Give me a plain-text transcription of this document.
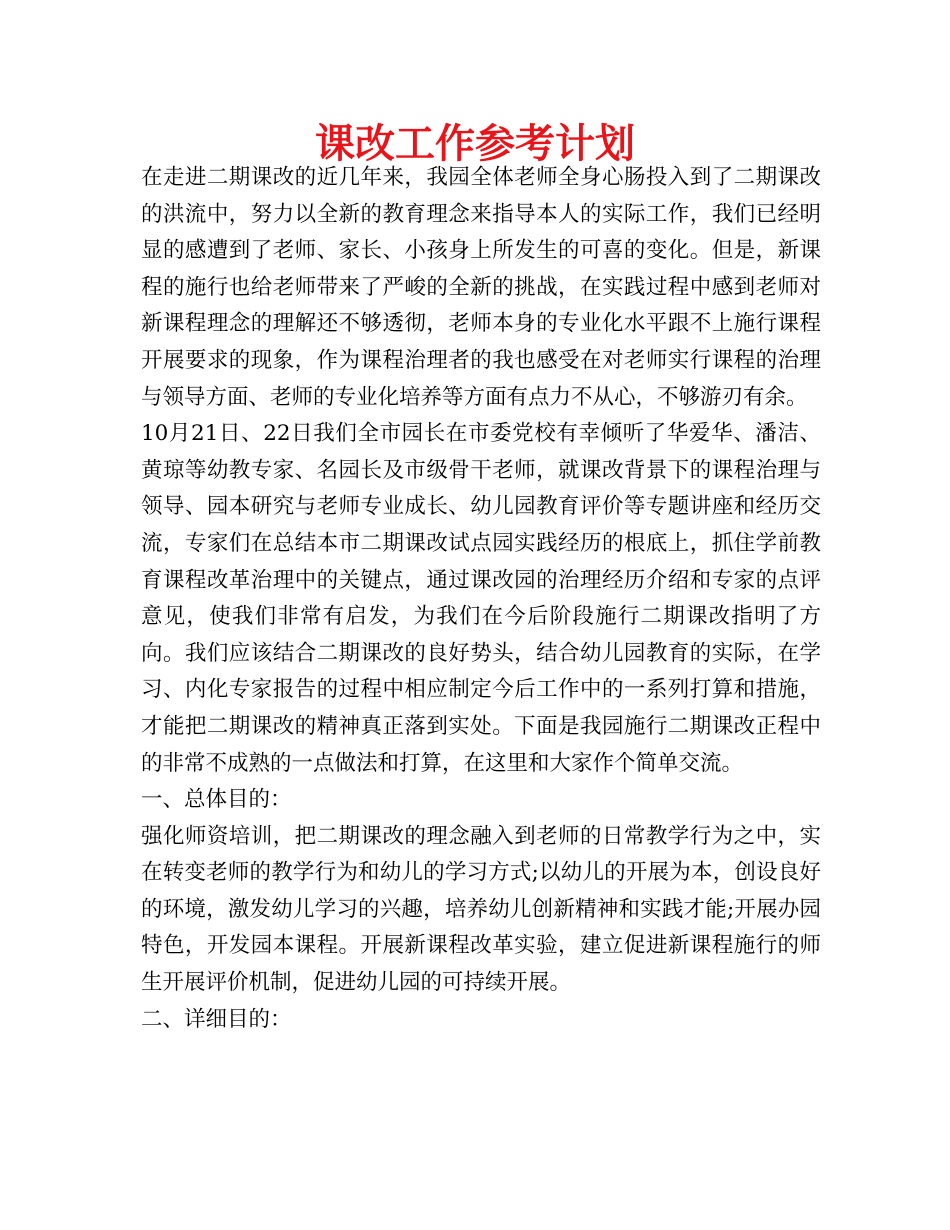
课改工作参考计划

在走进二期课改的近几年来，我园全体老师全身心肠投入到了二期课改的洪流中，努力以全新的教育理念来指导本人的实际工作，我们已经明显的感遭到了老师、家长、小孩身上所发生的可喜的变化。但是，新课程的施行也给老师带来了严峻的全新的挑战，在实践过程中感到老师对新课程理念的理解还不够透彻，老师本身的专业化水平跟不上施行课程开展要求的现象，作为课程治理者的我也感受在对老师实行课程的治理与领导方面、老师的专业化培养等方面有点力不从心，不够游刃有余。

10月21日、22日我们全市园长在市委党校有幸倾听了华爱华、潘洁、黄琼等幼教专家、名园长及市级骨干老师，就课改背景下的课程治理与领导、园本研究与老师专业成长、幼儿园教育评价等专题讲座和经历交流，专家们在总结本市二期课改试点园实践经历的根底上，抓住学前教育课程改革治理中的关键点，通过课改园的治理经历介绍和专家的点评意见，使我们非常有启发，为我们在今后阶段施行二期课改指明了方向。我们应该结合二期课改的良好势头，结合幼儿园教育的实际，在学习、内化专家报告的过程中相应制定今后工作中的一系列打算和措施，才能把二期课改的精神真正落到实处。下面是我园施行二期课改正程中的非常不成熟的一点做法和打算，在这里和大家作个简单交流。

一、总体目的：

强化师资培训，把二期课改的理念融入到老师的日常教学行为之中，实在转变老师的教学行为和幼儿的学习方式;以幼儿的开展为本，创设良好的环境，激发幼儿学习的兴趣，培养幼儿创新精神和实践才能;开展办园特色，开发园本课程。开展新课程改革实验，建立促进新课程施行的师生开展评价机制，促进幼儿园的可持续开展。

二、详细目的：
